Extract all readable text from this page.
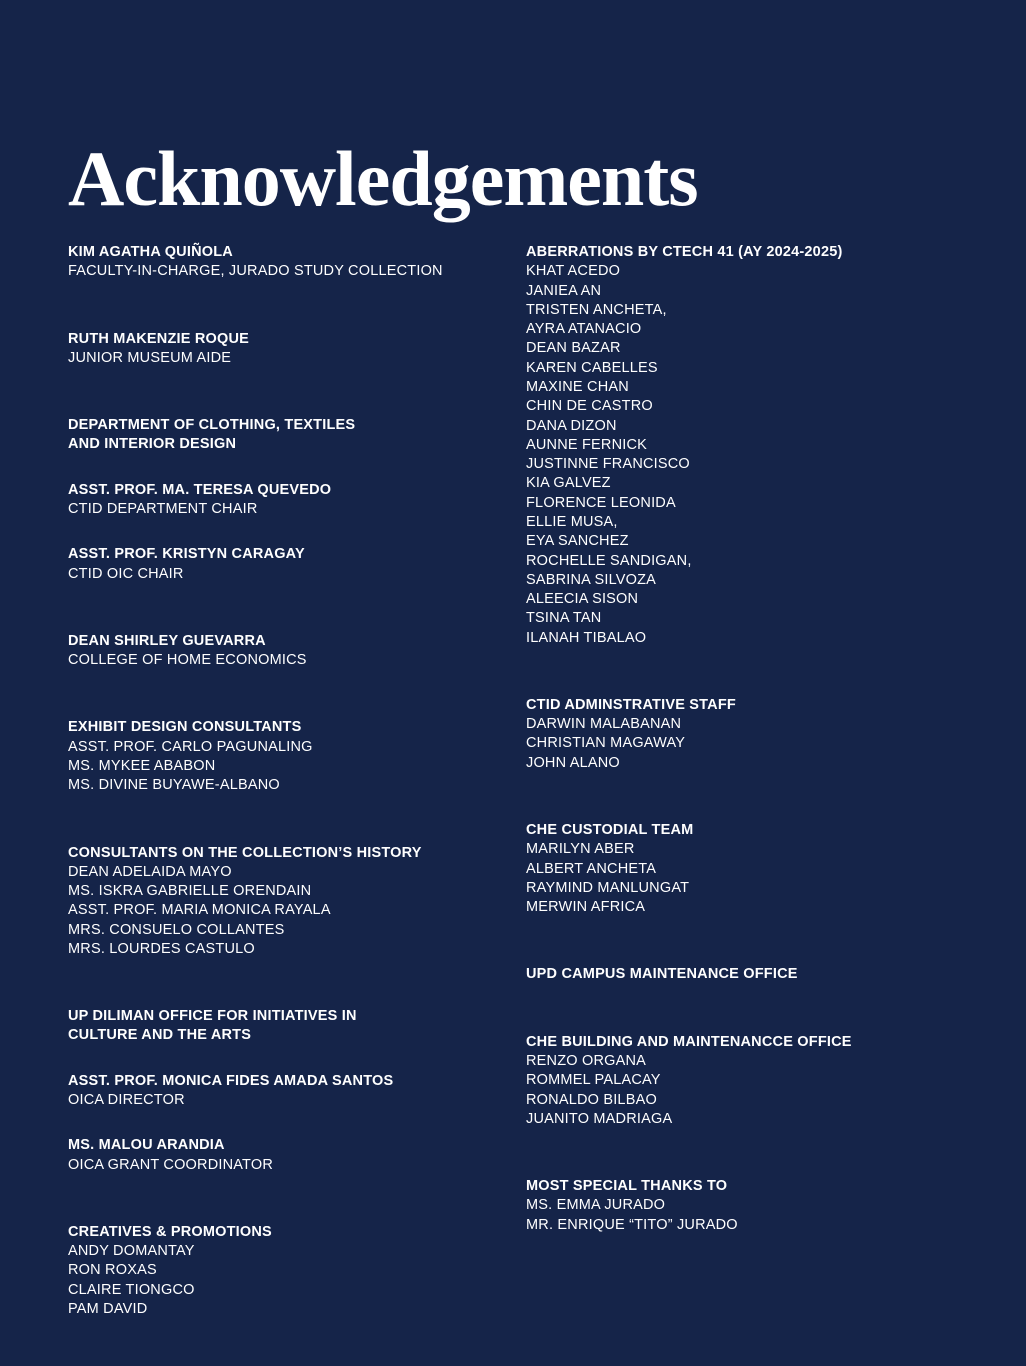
Acknowledgements

KIM AGATHA QUIÑOLA

FACULTY-IN-CHARGE, JURADO STUDY COLLECTION

RUTH MAKENZIE ROQUE

JUNIOR MUSEUM AIDE

DEPARTMENT OF CLOTHING, TEXTILES

AND INTERIOR DESIGN

ASST. PROF. MA. TERESA QUEVEDO

CTID DEPARTMENT CHAIR

ASST. PROF. KRISTYN CARAGAY

CTID OIC CHAIR

DEAN SHIRLEY GUEVARRA

COLLEGE OF HOME ECONOMICS

EXHIBIT DESIGN CONSULTANTS

ASST. PROF. CARLO PAGUNALING

MS. MYKEE ABABON

MS. DIVINE BUYAWE-ALBANO

CONSULTANTS ON THE COLLECTION’S HISTORY

DEAN ADELAIDA MAYO

MS. ISKRA GABRIELLE ORENDAIN

ASST. PROF. MARIA MONICA RAYALA

MRS. CONSUELO COLLANTES

MRS. LOURDES CASTULO

UP DILIMAN OFFICE FOR INITIATIVES IN

CULTURE AND THE ARTS

ASST. PROF. MONICA FIDES AMADA SANTOS

OICA DIRECTOR

MS. MALOU ARANDIA

OICA GRANT COORDINATOR

CREATIVES & PROMOTIONS

ANDY DOMANTAY

RON ROXAS

CLAIRE TIONGCO

PAM DAVID

ABERRATIONS BY CTECH 41 (AY 2024-2025)

KHAT ACEDO

JANIEA AN

TRISTEN ANCHETA,

AYRA ATANACIO

DEAN BAZAR

KAREN CABELLES

MAXINE CHAN

CHIN DE CASTRO

DANA DIZON

AUNNE FERNICK

JUSTINNE FRANCISCO

KIA GALVEZ

FLORENCE LEONIDA

ELLIE MUSA,

EYA SANCHEZ

ROCHELLE SANDIGAN,

SABRINA SILVOZA

ALEECIA SISON

TSINA TAN

ILANAH TIBALAO

CTID ADMINSTRATIVE STAFF

DARWIN MALABANAN

CHRISTIAN MAGAWAY

JOHN ALANO

CHE CUSTODIAL TEAM

MARILYN ABER

ALBERT ANCHETA

RAYMIND MANLUNGAT

MERWIN AFRICA

UPD CAMPUS MAINTENANCE OFFICE

CHE BUILDING AND MAINTENANCCE OFFICE

RENZO ORGANA

ROMMEL PALACAY

RONALDO BILBAO

JUANITO MADRIAGA

MOST SPECIAL THANKS TO

MS. EMMA JURADO

MR. ENRIQUE “TITO” JURADO
